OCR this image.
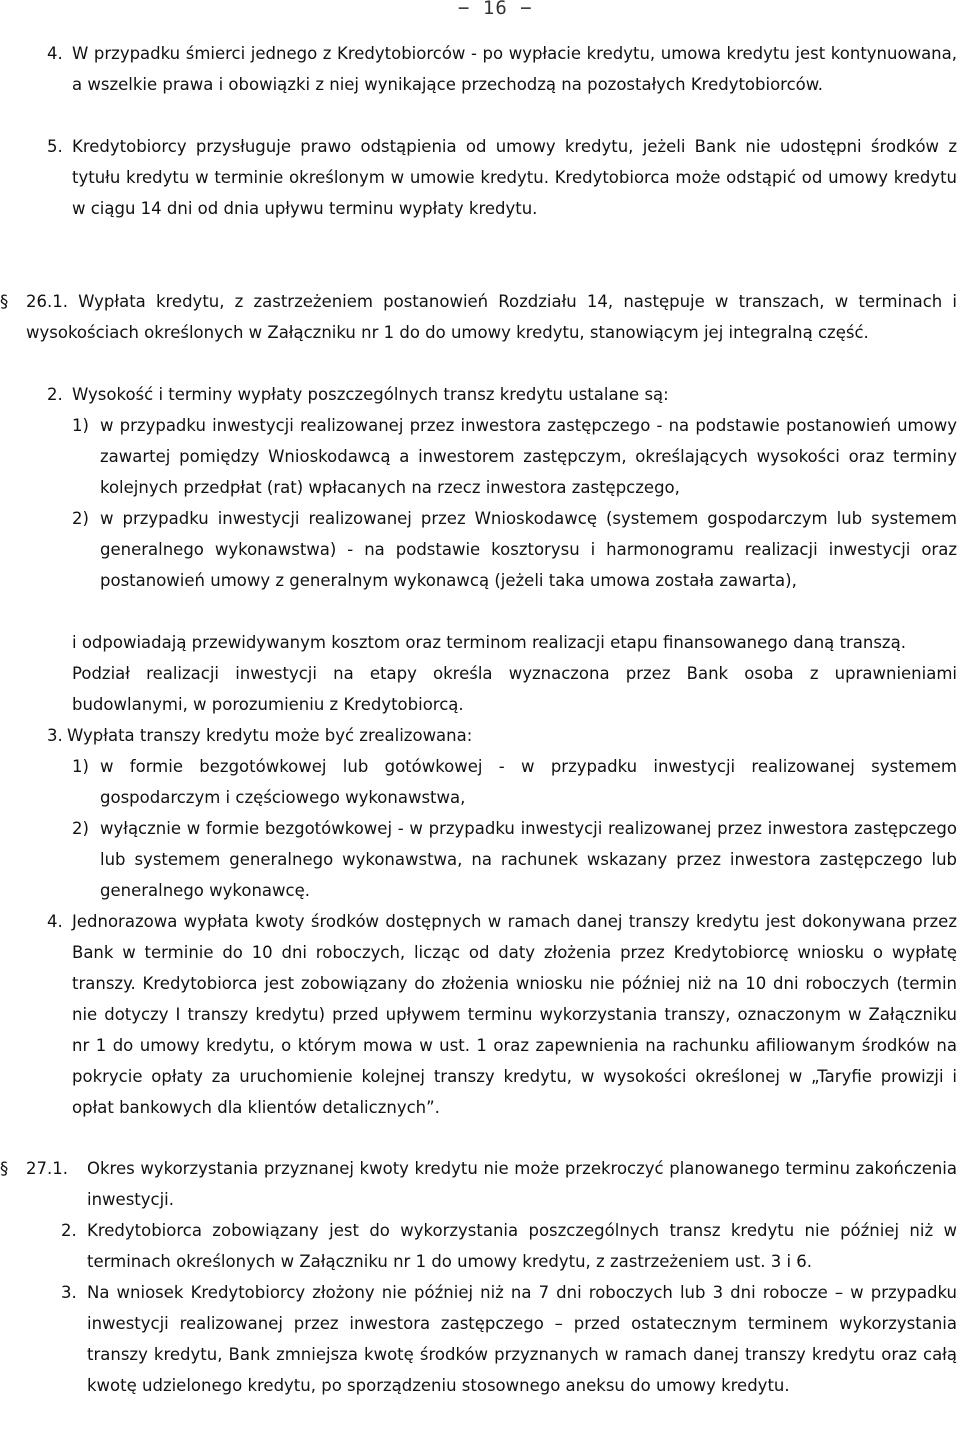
− 16 −
4. W przypadku śmierci jednego z Kredytobiorców - po wypłacie kredytu, umowa kredytu jest kontynuowana, a wszelkie prawa i obowiązki z niej wynikające przechodzą na pozostałych Kredytobiorców.
5. Kredytobiorcy przysługuje prawo odstąpienia od umowy kredytu, jeżeli Bank nie udostępni środków z tytułu kredytu w terminie określonym w umowie kredytu. Kredytobiorca może odstąpić od umowy kredytu w ciągu 14 dni od dnia upływu terminu wypłaty kredytu.
§ 26.1. Wypłata kredytu, z zastrzeżeniem postanowień Rozdziału 14, następuje w transzach, w terminach i wysokościach określonych w Załączniku nr 1 do do umowy kredytu, stanowiącym jej integralną część.
2. Wysokość i terminy wypłaty poszczególnych transz kredytu ustalane są:
1) w przypadku inwestycji realizowanej przez inwestora zastępczego - na podstawie postanowień umowy zawartej pomiędzy Wnioskodawcą a inwestorem zastępczym, określających wysokości oraz terminy kolejnych przedpłat (rat) wpłacanych na rzecz inwestora zastępczego,
2) w przypadku inwestycji realizowanej przez Wnioskodawcę (systemem gospodarczym lub systemem generalnego wykonawstwa) - na podstawie kosztorysu i harmonogramu realizacji inwestycji oraz postanowień umowy z generalnym wykonawcą (jeżeli taka umowa została zawarta),
i odpowiadają przewidywanym kosztom oraz terminom realizacji etapu finansowanego daną transzą.
Podział realizacji inwestycji na etapy określa wyznaczona przez Bank osoba z uprawnieniami budowlanymi, w porozumieniu z Kredytobiorcą.
3. Wypłata transzy kredytu może być zrealizowana:
1) w formie bezgotówkowej lub gotówkowej - w przypadku inwestycji realizowanej systemem gospodarczym i częściowego wykonawstwa,
2) wyłącznie w formie bezgotówkowej - w przypadku inwestycji realizowanej przez inwestora zastępczego lub systemem generalnego wykonawstwa, na rachunek wskazany przez inwestora zastępczego lub generalnego wykonawcę.
4. Jednorazowa wypłata kwoty środków dostępnych w ramach danej transzy kredytu jest dokonywana przez Bank w terminie do 10 dni roboczych, licząc od daty złożenia przez Kredytobiorcę wniosku o wypłatę transzy. Kredytobiorca jest zobowiązany do złożenia wniosku nie później niż na 10 dni roboczych (termin nie dotyczy I transzy kredytu) przed upływem terminu wykorzystania transzy, oznaczonym w Załączniku nr 1 do umowy kredytu, o którym mowa w ust. 1 oraz zapewnienia na rachunku afiliowanym środków na pokrycie opłaty za uruchomienie kolejnej transzy kredytu, w wysokości określonej w „Taryfie prowizji i opłat bankowych dla klientów detalicznych”.
§ 27.1. Okres wykorzystania przyznanej kwoty kredytu nie może przekroczyć planowanego terminu zakończenia inwestycji.
2. Kredytobiorca zobowiązany jest do wykorzystania poszczególnych transz kredytu nie później niż w terminach określonych w Załączniku nr 1 do umowy kredytu, z zastrzeżeniem ust. 3 i 6.
3. Na wniosek Kredytobiorcy złożony nie później niż na 7 dni roboczych lub 3 dni robocze – w przypadku inwestycji realizowanej przez inwestora zastępczego – przed ostatecznym terminem wykorzystania transzy kredytu, Bank zmniejsza kwotę środków przyznanych w ramach danej transzy kredytu oraz całą kwotę udzielonego kredytu, po sporządzeniu stosownego aneksu do umowy kredytu.
